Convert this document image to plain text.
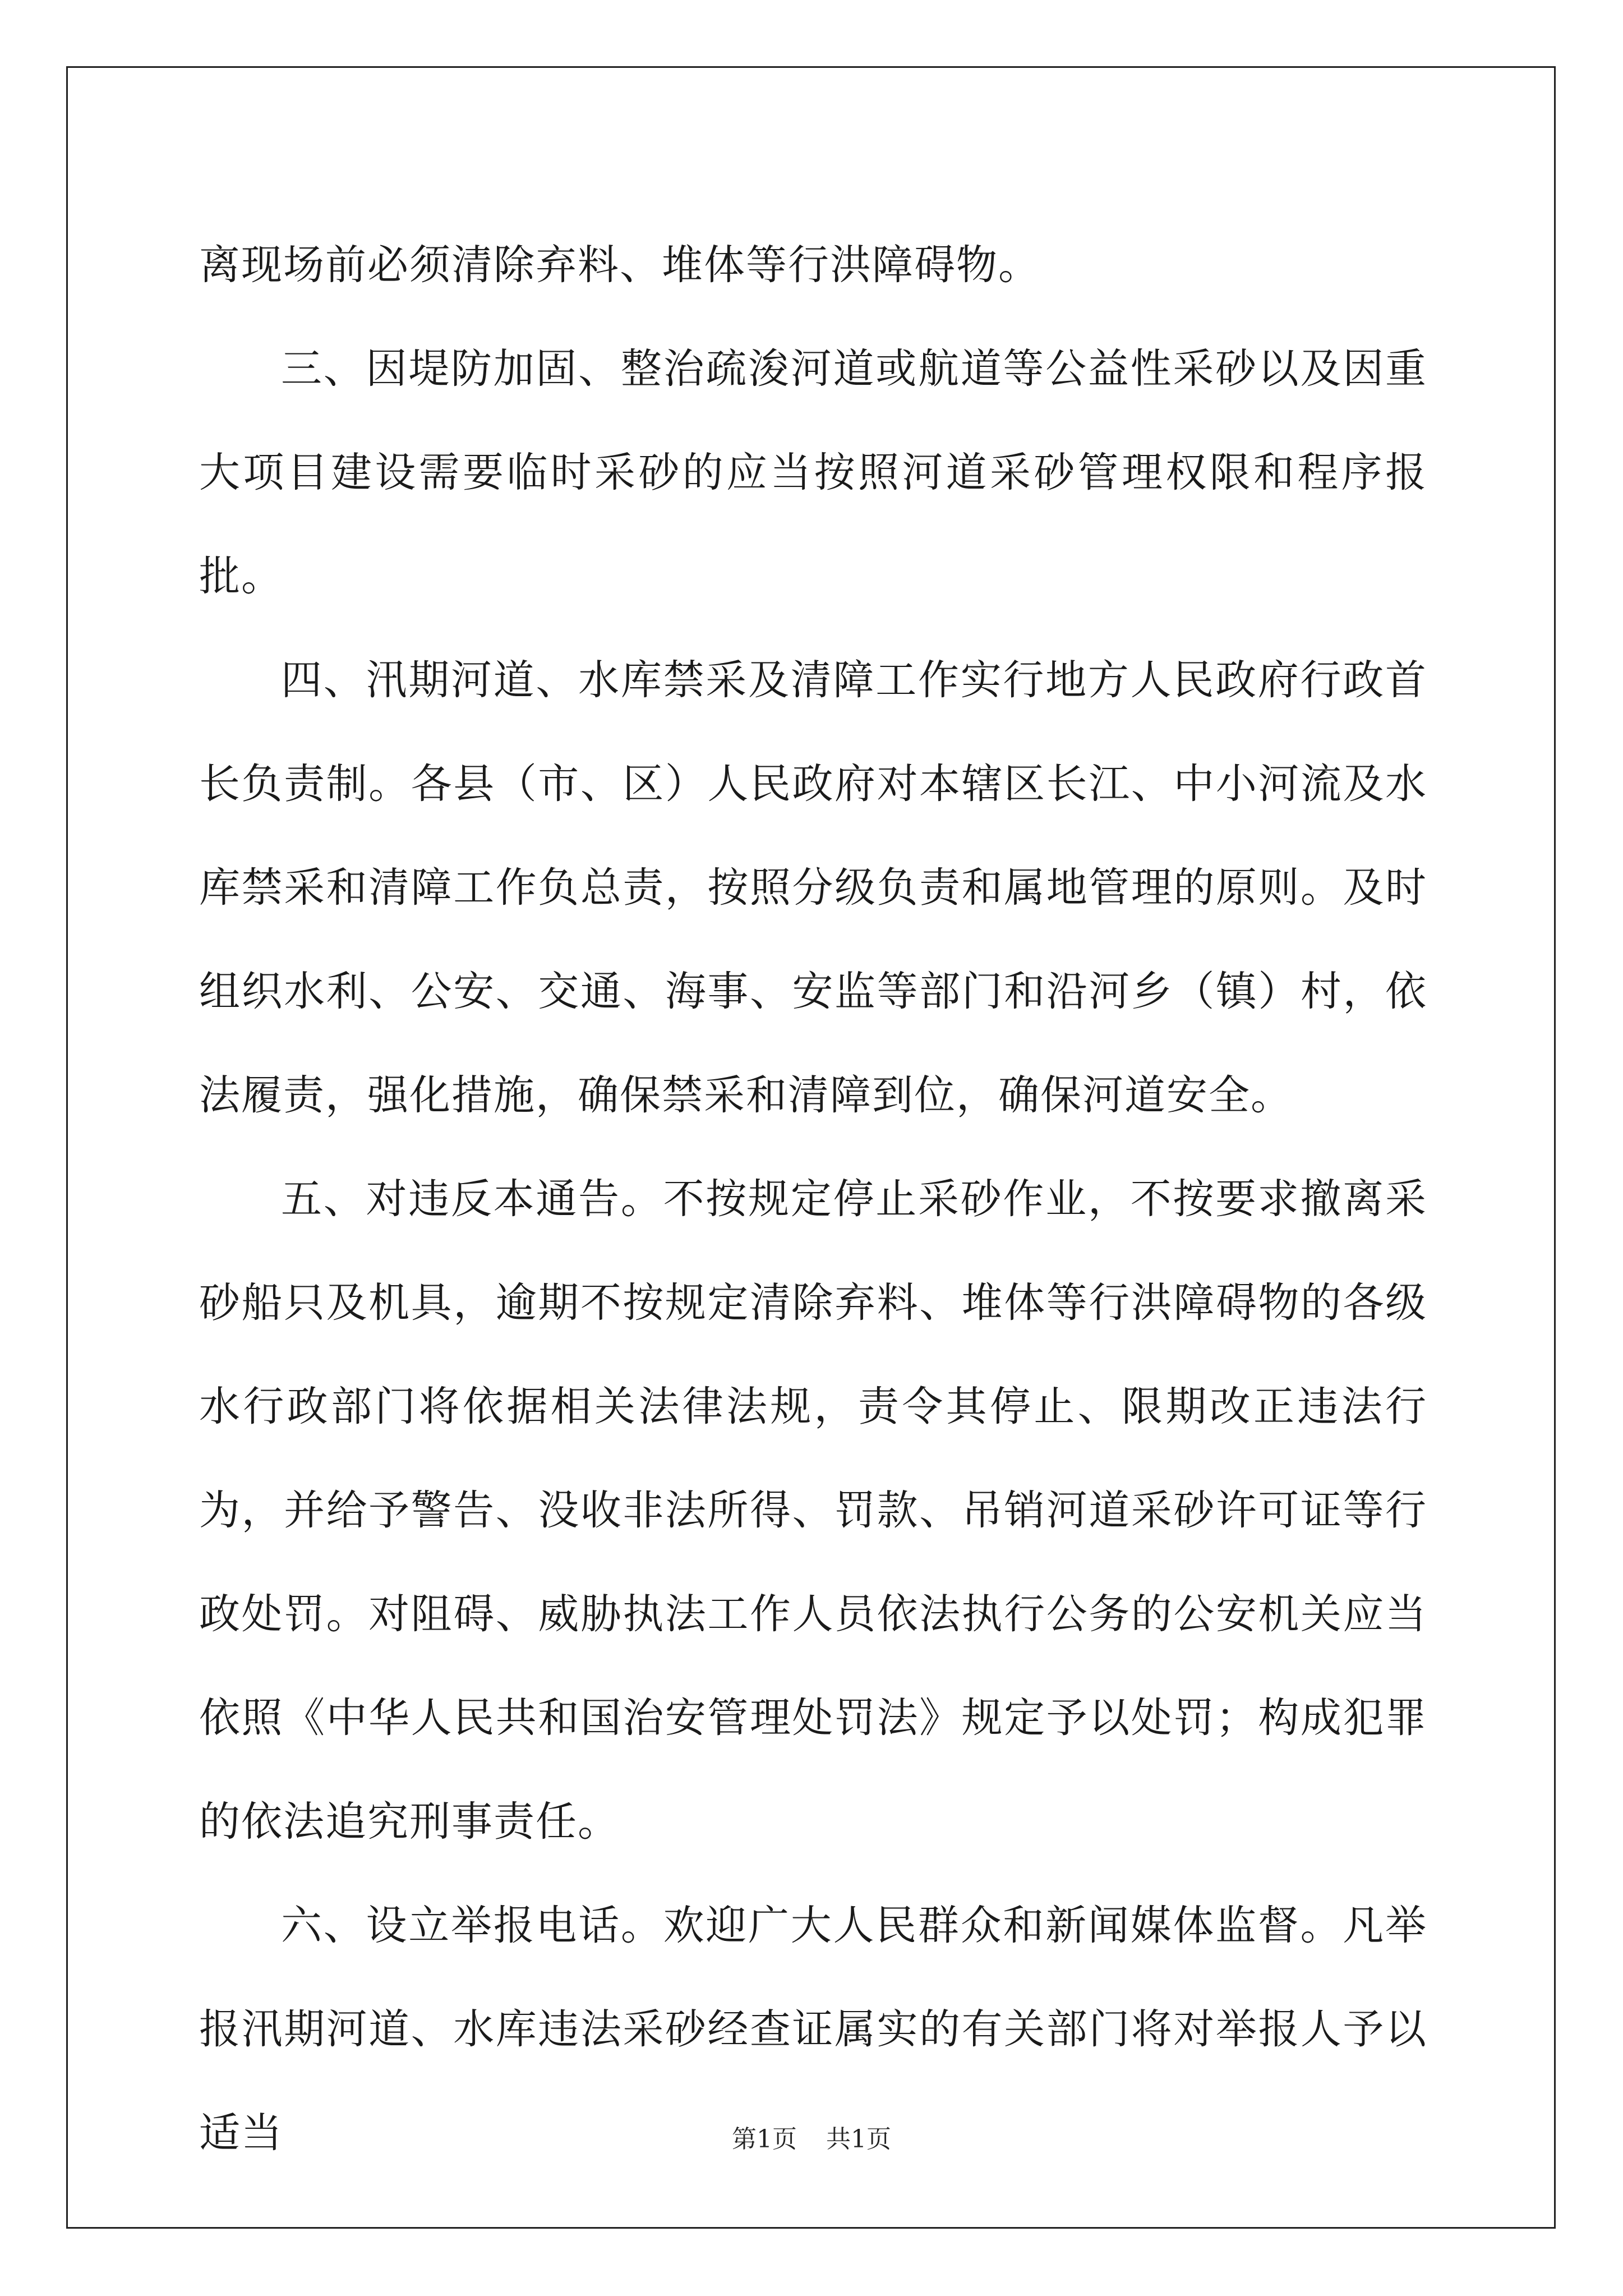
离现场前必须清除弃料、堆体等行洪障碍物。

三、因堤防加固、整治疏浚河道或航道等公益性采砂以及因重大项目建设需要临时采砂的应当按照河道采砂管理权限和程序报批。

四、汛期河道、水库禁采及清障工作实行地方人民政府行政首长负责制。各县（市、区）人民政府对本辖区长江、中小河流及水库禁采和清障工作负总责，按照分级负责和属地管理的原则。及时组织水利、公安、交通、海事、安监等部门和沿河乡（镇）村，依法履责，强化措施，确保禁采和清障到位，确保河道安全。

五、对违反本通告。不按规定停止采砂作业，不按要求撤离采砂船只及机具，逾期不按规定清除弃料、堆体等行洪障碍物的各级水行政部门将依据相关法律法规，责令其停止、限期改正违法行为，并给予警告、没收非法所得、罚款、吊销河道采砂许可证等行政处罚。对阻碍、威胁执法工作人员依法执行公务的公安机关应当依照《中华人民共和国治安管理处罚法》规定予以处罚；构成犯罪的依法追究刑事责任。

六、设立举报电话。欢迎广大人民群众和新闻媒体监督。凡举报汛期河道、水库违法采砂经查证属实的有关部门将对举报人予以适当	第1页 共1页
